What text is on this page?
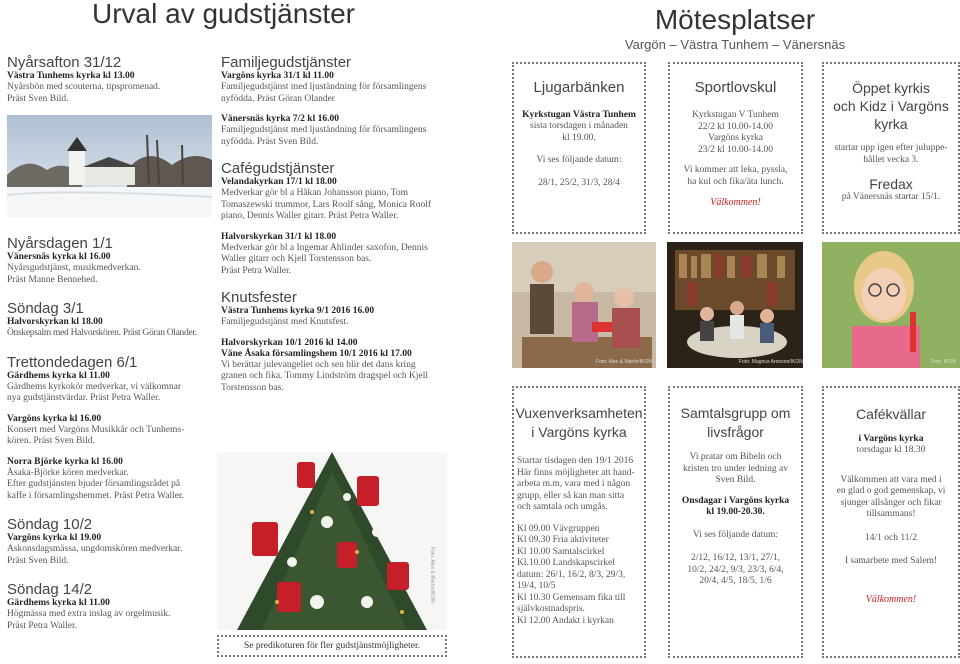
Urval av gudstjänster
Nyårsafton 31/12
Västra Tunhems kyrka kl 13.00
Nyårsbön med scouterna, tipspromenad.
Präst Sven Bild.
Nyårsdagen 1/1
Vänersnäs kyrka kl 16.00
Nyårsgudstjänst, musikmedverkan.
Präst Manne Bennehed.
Söndag 3/1
Halvorskyrkan kl 18.00
Önskepsalm med Halvorskören. Präst Göran Olander.
Trettondedagen 6/1
Gärdhems kyrka kl 11.00
Gärdhems kyrkokör medverkar, vi välkomnar
nya gudstjänstvärdar. Präst Petra Waller.
Vargöns kyrka kl 16.00
Konsert med Vargöns Musikkår och Tunhems-
kören. Präst Sven Bild.
Norra Björke kyrka kl 16.00
Åsaka-Björke kören medverkar.
Efter gudstjänsten bjuder församlingsrådet på
kaffe i församlingshemmet. Präst Petra Waller.
Söndag 10/2
Vargöns kyrka kl 19.00
Askonsdagsmässa, ungdomskören medverkar.
Präst Sven Bild.
Söndag 14/2
Gärdhems kyrka kl 11.00
Högmässa med extra inslag av orgelmusik.
Präst Petra Waller.
Familjegudstjänster
Vargöns kyrka 31/1 kl 11.00
Familjegudstjänst med ljuständning för församlingens
nyfödda. Präst Göran Olander
Vänersnäs kyrka 7/2 kl 16.00
Familjegudstjänst med ljuständning för församlingens
nyfödda. Präst Sven Bild.
Cafégudstjänster
Velandakyrkan 17/1 kl 18.00
Medverkar gör bl a Håkan Johansson piano, Tom
Tomaszewski trummor, Lars Roolf sång, Monica Roolf
piano, Dennis Waller gitarr. Präst Petra Waller.
Halvorskyrkan 31/1 kl 18.00
Medverkar gör bl a Ingemar Ahlinder saxofon, Dennis
Waller gitarr och Kjell Torstensson bas.
Präst Petra Waller.
Knutsfester
Västra Tunhems kyrka 9/1 2016 16.00
Familjegudstjänst med Knutsfest.
Halvorskyrkan 10/1 2016 kl 14.00
Väne Åsaka församlingshem 10/1 2016 kl 17.00
Vi berättar julevangeliet och sen blir det dans kring
granen och fika. Tommy Lindström dragspel och Kjell
Torstensson bas.
Foto: Alex & Martin/IKON
Se predikoturen för fler gudstjänstmöjligheter.
Mötesplatser
Vargön – Västra Tunhem – Vänersnäs
Ljugarbänken
Kyrkstugan Västra Tunhem
sista torsdagen i månaden
kl 19.00.
Vi ses följande datum:
28/1, 25/2, 31/3, 28/4
Sportlovskul
Kyrkstugan V Tunhem
22/2 kl 10.00-14.00
Vargöns kyrka
23/2 kl 10.00-14.00
Vi kommer att leka, pyssla,
ha kul och fika/äta lunch.
Välkommen!
Öppet kyrkis
och Kidz i Vargöns
kyrka
startar upp igen efter juluppe-
hållet vecka 3.
Fredax
på Vänersnäs startar 15/1.
Foto: Alex & Martin/IKON	Foto: Magnus Aronson/IKON	Foto: IKON
Vuxenverksamheten
i Vargöns kyrka
Startar tisdagen den 19/1 2016 Här finns möjligheter att hand-arbeta m.m, vara med i någon grupp, eller så kan man sitta och samtala och umgås.
Kl 09.00 Vävgruppen
Kl 09.30 Fria aktiviteter
Kl 10.00 Samtalscirkel
Kl.10.00 Landskapscirkel
datum: 26/1, 16/2, 8/3, 29/3,
19/4, 10/5
Kl 10.30 Gemensam fika till
självkostnadspris.
Kl 12.00 Andakt i kyrkan
Samtalsgrupp om
livsfrågor
Vi pratar om Bibeln och
kristen tro under ledning av
Sven Bild.
Onsdagar i Vargöns kyrka
kl 19.00-20.30.
Vi ses följande datum:
2/12, 16/12, 13/1, 27/1,
10/2, 24/2, 9/3, 23/3, 6/4,
20/4, 4/5, 18/5, 1/6
Cafékvällar
i Vargöns kyrka
torsdagar kl 18.30
Välkommen att vara med i
en glad o god gemenskap, vi
sjunger allsånger och fikar
tillsammans!
14/1 och 11/2
I samarbete med Salem!
Välkommen!
